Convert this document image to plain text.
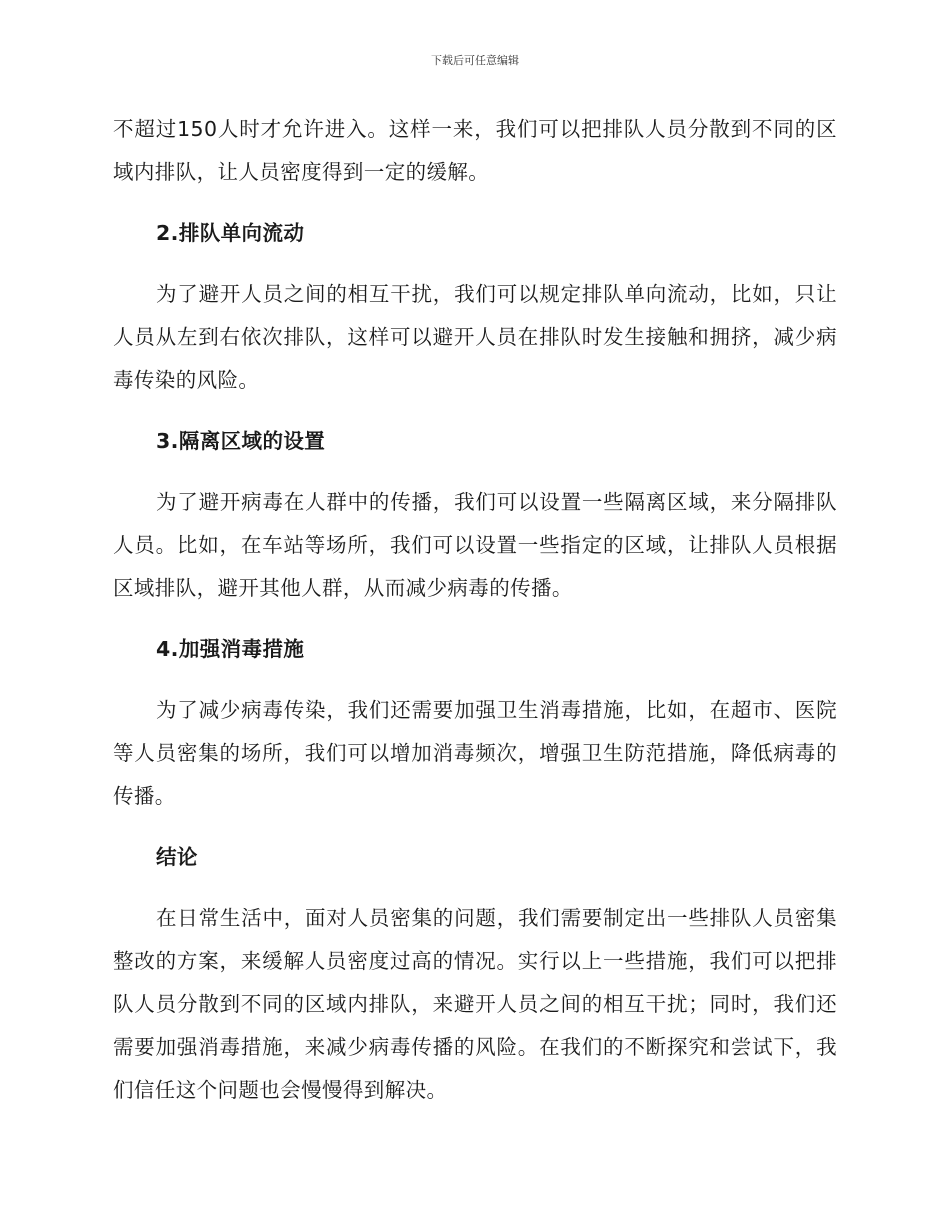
下载后可任意编辑

不超过150人时才允许进入。这样一来，我们可以把排队人员分散到不同的区域内排队，让人员密度得到一定的缓解。

2.排队单向流动

为了避开人员之间的相互干扰，我们可以规定排队单向流动，比如，只让人员从左到右依次排队，这样可以避开人员在排队时发生接触和拥挤，减少病毒传染的风险。

3.隔离区域的设置

为了避开病毒在人群中的传播，我们可以设置一些隔离区域，来分隔排队人员。比如，在车站等场所，我们可以设置一些指定的区域，让排队人员根据区域排队，避开其他人群，从而减少病毒的传播。

4.加强消毒措施

为了减少病毒传染，我们还需要加强卫生消毒措施，比如，在超市、医院等人员密集的场所，我们可以增加消毒频次，增强卫生防范措施，降低病毒的传播。

结论

在日常生活中，面对人员密集的问题，我们需要制定出一些排队人员密集整改的方案，来缓解人员密度过高的情况。实行以上一些措施，我们可以把排队人员分散到不同的区域内排队，来避开人员之间的相互干扰；同时，我们还需要加强消毒措施，来减少病毒传播的风险。在我们的不断探究和尝试下，我们信任这个问题也会慢慢得到解决。
